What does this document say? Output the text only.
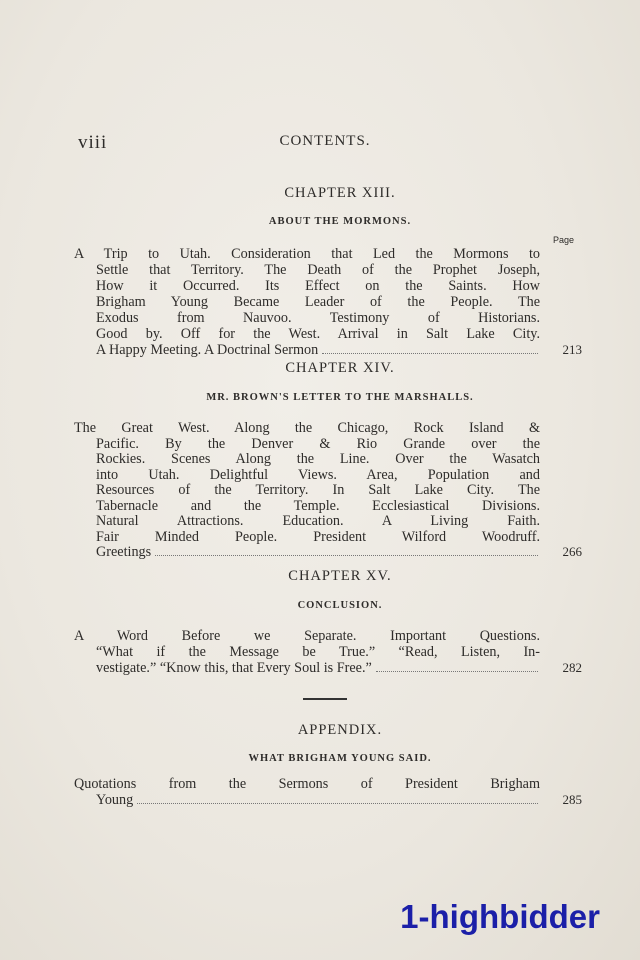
viii	CONTENTS.
Page
1-highbidder
CHAPTER XIII.
ABOUT THE MORMONS.
A Trip to Utah. Consideration that Led the Mormons to
Settle that Territory. The Death of the Prophet Joseph,
How it Occurred. Its Effect on the Saints. How
Brigham Young Became Leader of the People. The
Exodus from Nauvoo. Testimony of Historians.
Good by. Off for the West. Arrival in Salt Lake City.
A Happy Meeting. A Doctrinal Sermon	213
CHAPTER XIV.
MR. BROWN'S LETTER TO THE MARSHALLS.
The Great West. Along the Chicago, Rock Island &
Pacific. By the Denver & Rio Grande over the
Rockies. Scenes Along the Line. Over the Wasatch
into Utah. Delightful Views. Area, Population and
Resources of the Territory. In Salt Lake City. The
Tabernacle and the Temple. Ecclesiastical Divisions.
Natural Attractions. Education. A Living Faith.
Fair Minded People. President Wilford Woodruff.
Greetings	266
CHAPTER XV.
CONCLUSION.
A Word Before we Separate. Important Questions.
“What if the Message be True.” “Read, Listen, In-
vestigate.” “Know this, that Every Soul is Free.”	282
APPENDIX.
WHAT BRIGHAM YOUNG SAID.
Quotations from the Sermons of President Brigham
Young	285
